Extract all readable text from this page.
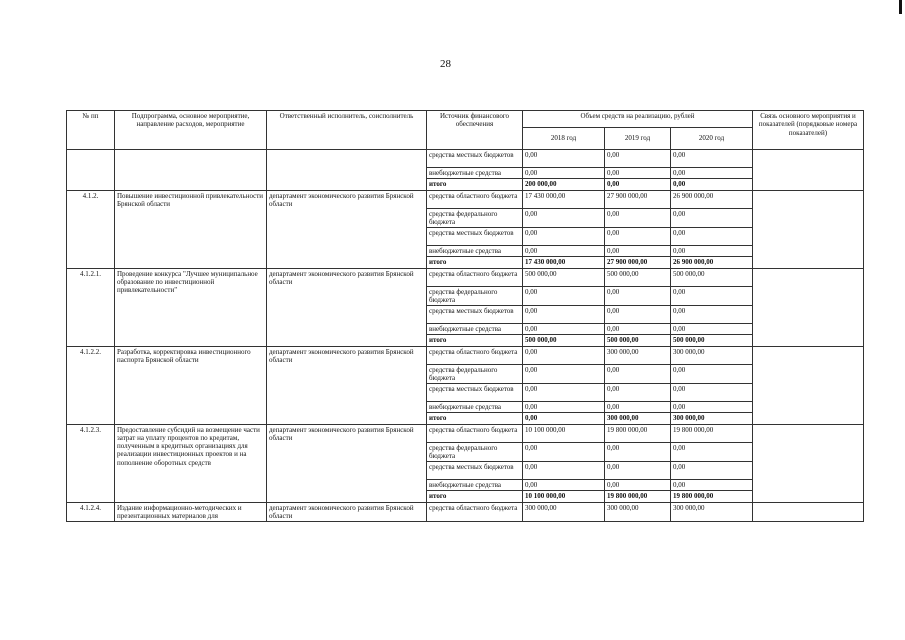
28
№ пп	Подпрограмма, основное мероприятие, направление расходов, мероприятие	Ответственный исполнитель, соисполнитель	Источник финансового обеспечения	Объем средств на реализацию, рублей			Связь основного мероприятия и показателей (порядковые номера показателей)
				2018 год	2019 год	2020 год	
			средства местных бюджетов	0,00	0,00	0,00	
			внебюджетные средства	0,00	0,00	0,00	
			итого	200 000,00	0,00	0,00	
4.1.2.	Повышение инвестиционной привлекательности Брянской области	департамент экономического развития Брянской области	средства областного бюджета	17 430 000,00	27 900 000,00	26 900 000,00	
			средства федерального бюджета	0,00	0,00	0,00	
			средства местных бюджетов	0,00	0,00	0,00	
			внебюджетные средства	0,00	0,00	0,00	
			итого	17 430 000,00	27 900 000,00	26 900 000,00	
4.1.2.1.	Проведение конкурса "Лучшее муниципальное образование по инвестиционной привлекательности"	департамент экономического развития Брянской области	средства областного бюджета	500 000,00	500 000,00	500 000,00	
			средства федерального бюджета	0,00	0,00	0,00	
			средства местных бюджетов	0,00	0,00	0,00	
			внебюджетные средства	0,00	0,00	0,00	
			итого	500 000,00	500 000,00	500 000,00	
4.1.2.2.	Разработка, корректировка инвестиционного паспорта Брянской области	департамент экономического развития Брянской области	средства областного бюджета	0,00	300 000,00	300 000,00	
			средства федерального бюджета	0,00	0,00	0,00	
			средства местных бюджетов	0,00	0,00	0,00	
			внебюджетные средства	0,00	0,00	0,00	
			итого	0,00	300 000,00	300 000,00	
4.1.2.3.	Предоставление субсидий на возмещение части затрат на уплату процентов по кредитам, полученным в кредитных организациях для реализации инвестиционных проектов и на пополнение оборотных средств	департамент экономического развития Брянской области	средства областного бюджета	10 100 000,00	19 800 000,00	19 800 000,00	
			средства федерального бюджета	0,00	0,00	0,00	
			средства местных бюджетов	0,00	0,00	0,00	
			внебюджетные средства	0,00	0,00	0,00	
			итого	10 100 000,00	19 800 000,00	19 800 000,00	
4.1.2.4.	Издание информационно-методических и презентационных материалов для	департамент экономического развития Брянской области	средства областного бюджета	300 000,00	300 000,00	300 000,00	
